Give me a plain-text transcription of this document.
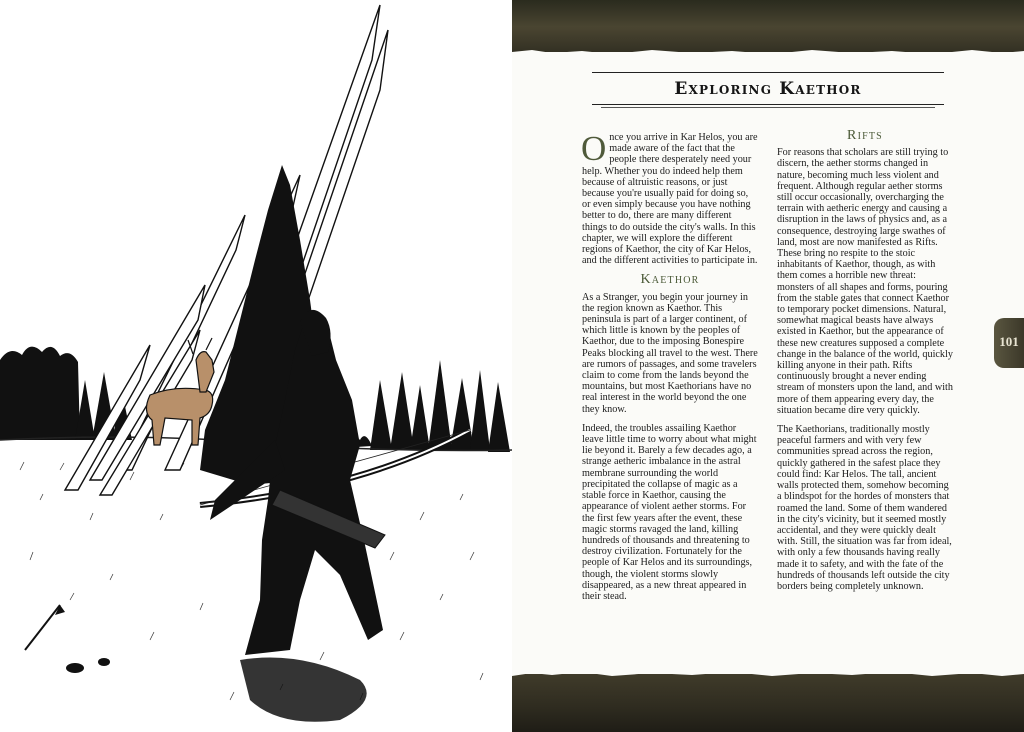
Exploring Kaethor

Once you arrive in Kar Helos, you are made aware of the fact that the people there desperately need your help. Whether you do indeed help them because of altruistic reasons, or just because you're usually paid for doing so, or even simply because you have nothing better to do, there are many different things to do outside the city's walls. In this chapter, we will explore the different regions of Kaethor, the city of Kar Helos, and the different activities to participate in.

Kaethor

As a Stranger, you begin your journey in the region known as Kaethor. This peninsula is part of a larger continent, of which little is known by the peoples of Kaethor, due to the imposing Bonespire Peaks blocking all travel to the west. There are rumors of passages, and some travelers claim to come from the lands beyond the mountains, but most Kaethorians have no real interest in the world beyond the one they know.

Indeed, the troubles assailing Kaethor leave little time to worry about what might lie beyond it. Barely a few decades ago, a strange aetheric imbalance in the astral membrane surrounding the world precipitated the collapse of magic as a stable force in Kaethor, causing the appearance of violent aether storms. For the first few years after the event, these magic storms ravaged the land, killing hundreds of thousands and threatening to destroy civilization. Fortunately for the people of Kar Helos and its surroundings, though, the violent storms slowly disappeared, as a new threat appeared in their stead.

Rifts

For reasons that scholars are still trying to discern, the aether storms changed in nature, becoming much less violent and frequent. Although regular aether storms still occur occasionally, overcharging the terrain with aetheric energy and causing a disruption in the laws of physics and, as a consequence, destroying large swathes of land, most are now manifested as Rifts. These bring no respite to the stoic inhabitants of Kaethor, though, as with them comes a horrible new threat: monsters of all shapes and forms, pouring from the stable gates that connect Kaethor to temporary pocket dimensions. Natural, somewhat magical beasts have always existed in Kaethor, but the appearance of these new creatures supposed a complete change in the balance of the world, quickly killing anyone in their path. Rifts continuously brought a never ending stream of monsters upon the land, and with more of them appearing every day, the situation became dire very quickly.

The Kaethorians, traditionally mostly peaceful farmers and with very few communities spread across the region, quickly gathered in the safest place they could find: Kar Helos. The tall, ancient walls protected them, somehow becoming a blindspot for the hordes of monsters that roamed the land. Some of them wandered in the city's vicinity, but it seemed mostly accidental, and they were quickly dealt with. Still, the situation was far from ideal, with only a few thousands having really made it to safety, and with the fate of the hundreds of thousands left outside the city borders being completely unknown.

101
